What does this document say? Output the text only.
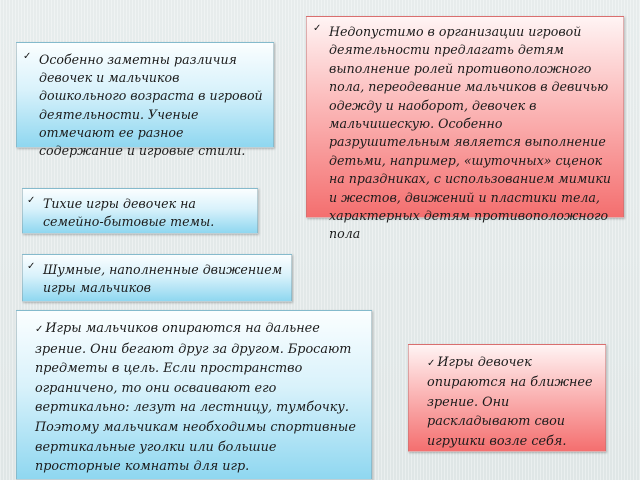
✓ Особенно заметны различия девочек и мальчиков дошкольного возраста в игровой деятельности. Ученые отмечают ее разное содержание и игровые стили.
✓ Тихие игры девочек на семейно-бытовые темы.
✓ Шумные, наполненные движением игры мальчиков
✓ Игры мальчиков опираются на дальнее зрение. Они бегают друг за другом. Бросают предметы в цель. Если пространство ограничено, то они осваивают его вертикально: лезут на лестницу, тумбочку. Поэтому мальчикам необходимы спортивные вертикальные уголки или большие просторные комнаты для игр.
✓ Недопустимо в организации игровой деятельности предлагать детям выполнение ролей противоположного пола, переодевание мальчиков в девичью одежду и наоборот, девочек в мальчишескую. Особенно разрушительным является выполнение детьми, например, «шуточных» сценок на праздниках, с использованием мимики и жестов, движений и пластики тела, характерных детям противоположного пола
✓ Игры девочек опираются на ближнее зрение. Они раскладывают свои игрушки возле себя.
